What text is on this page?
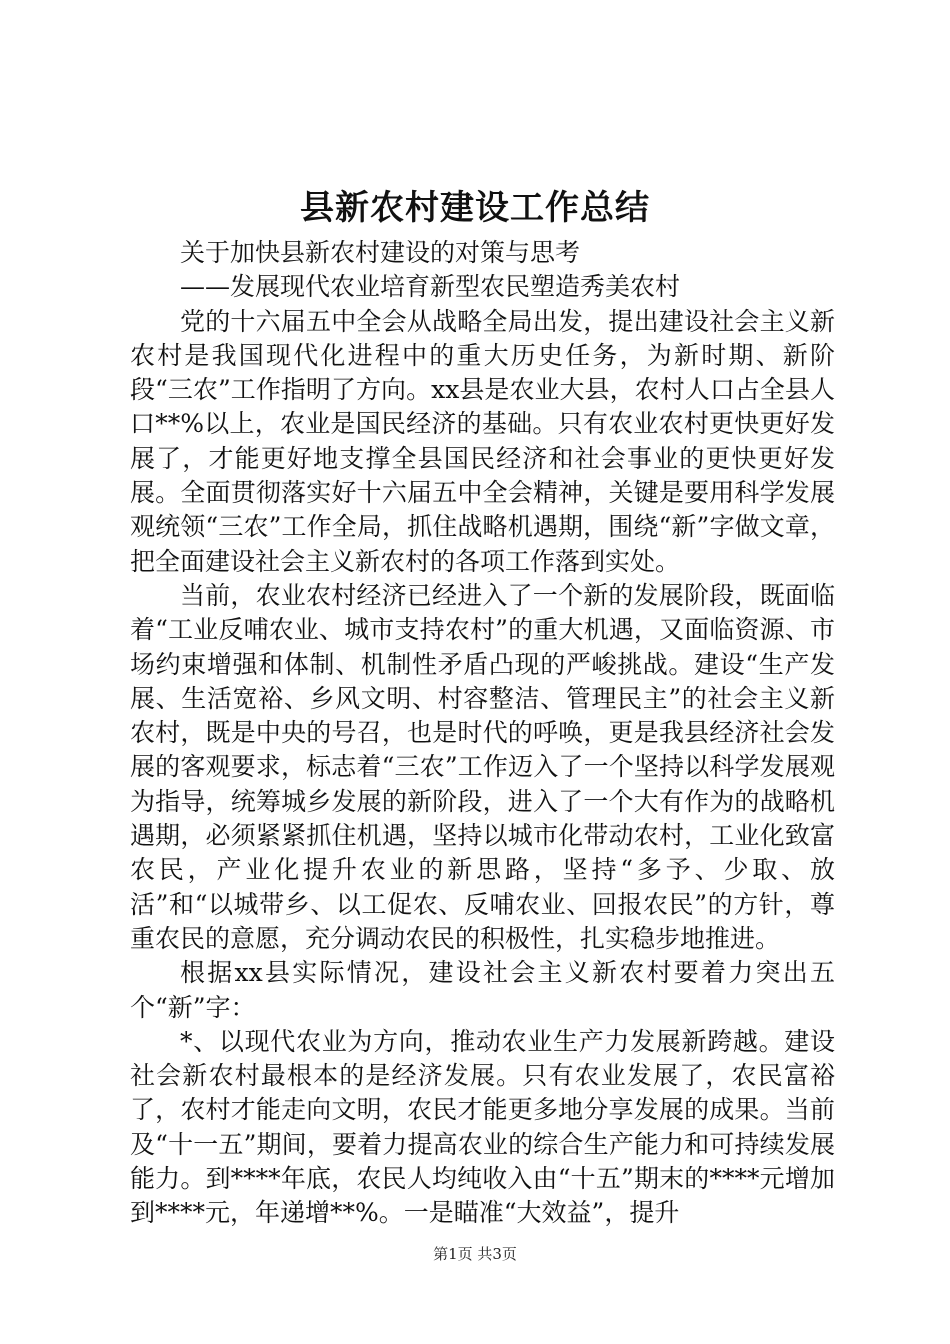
县新农村建设工作总结

关于加快县新农村建设的对策与思考

——发展现代农业培育新型农民塑造秀美农村

党的十六届五中全会从战略全局出发，提出建设社会主义新农村是我国现代化进程中的重大历史任务，为新时期、新阶段“三农”工作指明了方向。xx县是农业大县，农村人口占全县人口**%以上，农业是国民经济的基础。只有农业农村更快更好发展了，才能更好地支撑全县国民经济和社会事业的更快更好发展。全面贯彻落实好十六届五中全会精神，关键是要用科学发展观统领“三农”工作全局，抓住战略机遇期，围绕“新”字做文章，把全面建设社会主义新农村的各项工作落到实处。

当前，农业农村经济已经进入了一个新的发展阶段，既面临着“工业反哺农业、城市支持农村”的重大机遇，又面临资源、市场约束增强和体制、机制性矛盾凸现的严峻挑战。建设“生产发展、生活宽裕、乡风文明、村容整洁、管理民主”的社会主义新农村，既是中央的号召，也是时代的呼唤，更是我县经济社会发展的客观要求，标志着“三农”工作迈入了一个坚持以科学发展观为指导，统筹城乡发展的新阶段，进入了一个大有作为的战略机遇期，必须紧紧抓住机遇，坚持以城市化带动农村，工业化致富农民，产业化提升农业的新思路，坚持“多予、少取、放活”和“以城带乡、以工促农、反哺农业、回报农民”的方针，尊重农民的意愿，充分调动农民的积极性，扎实稳步地推进。

根据xx县实际情况，建设社会主义新农村要着力突出五个“新”字：

*、以现代农业为方向，推动农业生产力发展新跨越。建设社会新农村最根本的是经济发展。只有农业发展了，农民富裕了，农村才能走向文明，农民才能更多地分享发展的成果。当前及“十一五”期间，要着力提高农业的综合生产能力和可持续发展能力。到****年底，农民人均纯收入由“十五”期末的****元增加到****元，年递增**%。一是瞄准“大效益”，提升

第1页 共3页
